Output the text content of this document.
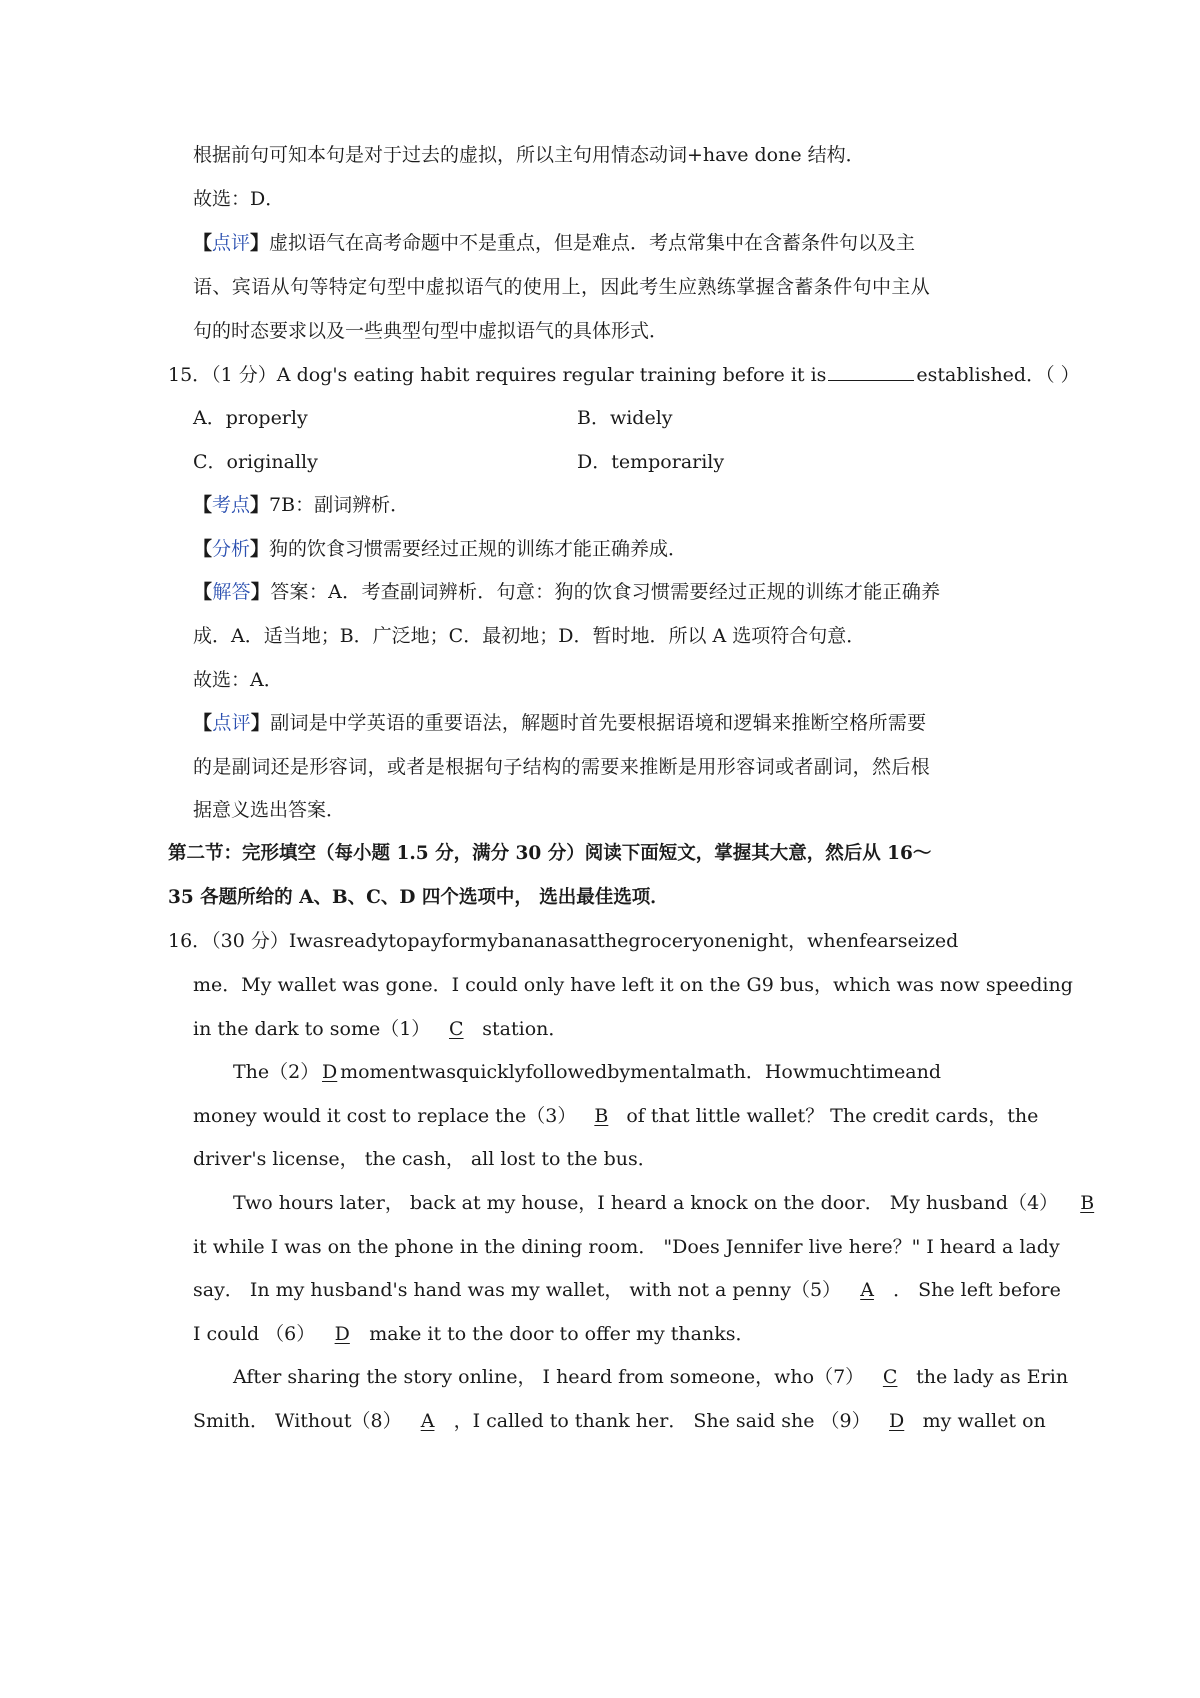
根据前句可知本句是对于过去的虚拟，所以主句用情态动词+have done 结构．
故选：D．
【点评】虚拟语气在高考命题中不是重点，但是难点．考点常集中在含蓄条件句以及主
语、宾语从句等特定句型中虚拟语气的使用上，因此考生应熟练掌握含蓄条件句中主从
句的时态要求以及一些典型句型中虚拟语气的具体形式．
15．（1 分）A dog's eating habit requires regular training before it is	established．（ ）
A．properly	B．widely
C．originally	D．temporarily
【考点】7B：副词辨析．
【分析】狗的饮食习惯需要经过正规的训练才能正确养成．
【解答】答案：A．考查副词辨析．句意：狗的饮食习惯需要经过正规的训练才能正确养
成．A．适当地；B．广泛地；C．最初地；D．暂时地．所以 A 选项符合句意．
故选：A．
【点评】副词是中学英语的重要语法，解题时首先要根据语境和逻辑来推断空格所需要
的是副词还是形容词，或者是根据句子结构的需要来推断是用形容词或者副词，然后根
据意义选出答案．
第二节：完形填空（每小题 1.5 分，满分 30 分）阅读下面短文，掌握其大意，然后从 16～
35 各题所给的 A、B、C、D 四个选项中， 选出最佳选项．
16．（30 分）I was ready to pay for my bananas at the grocery one night， when fear seized
me． My wallet was gone． I could only have left it on the G9 bus， which was now speeding
in the dark to some（1） C station．
The（2） D moment was quickly followed by mental math． How much time and
money would it cost to replace the（3） B of that little wallet？ The credit cards， the
driver's license， the cash， all lost to the bus．
Two hours later， back at my house，I heard a knock on the door． My husband（4） B
it while I was on the phone in the dining room． "Does Jennifer live here？" I heard a lady
say． In my husband's hand was my wallet， with not a penny（5） A ． She left before
I could （6） D make it to the door to offer my thanks．
After sharing the story online， I heard from someone，who（7） C the lady as Erin
Smith． Without（8） A ，I called to thank her． She said she （9） D my wallet on
